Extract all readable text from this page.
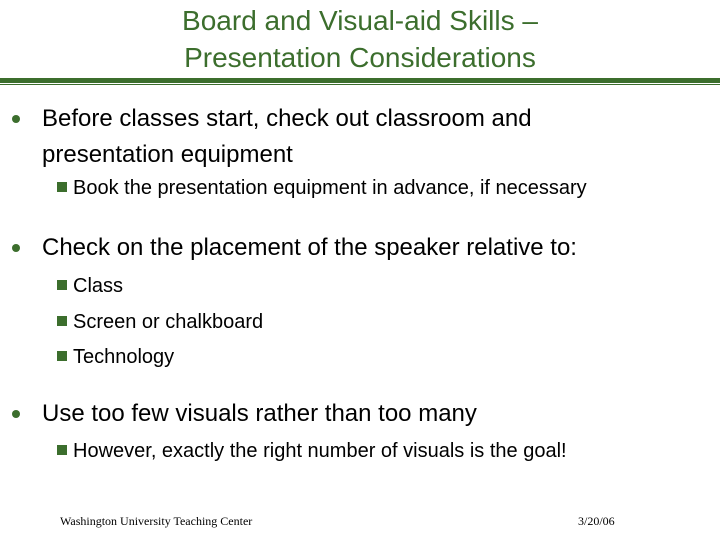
Board and Visual-aid Skills –
Presentation Considerations
Before classes start, check out classroom and
presentation equipment
Book the presentation equipment in advance, if necessary
Check on the placement of the speaker relative to:
Class
Screen or chalkboard
Technology
Use too few visuals rather than too many
However, exactly the right number of visuals is the goal!
Washington University Teaching Center	3/20/06
